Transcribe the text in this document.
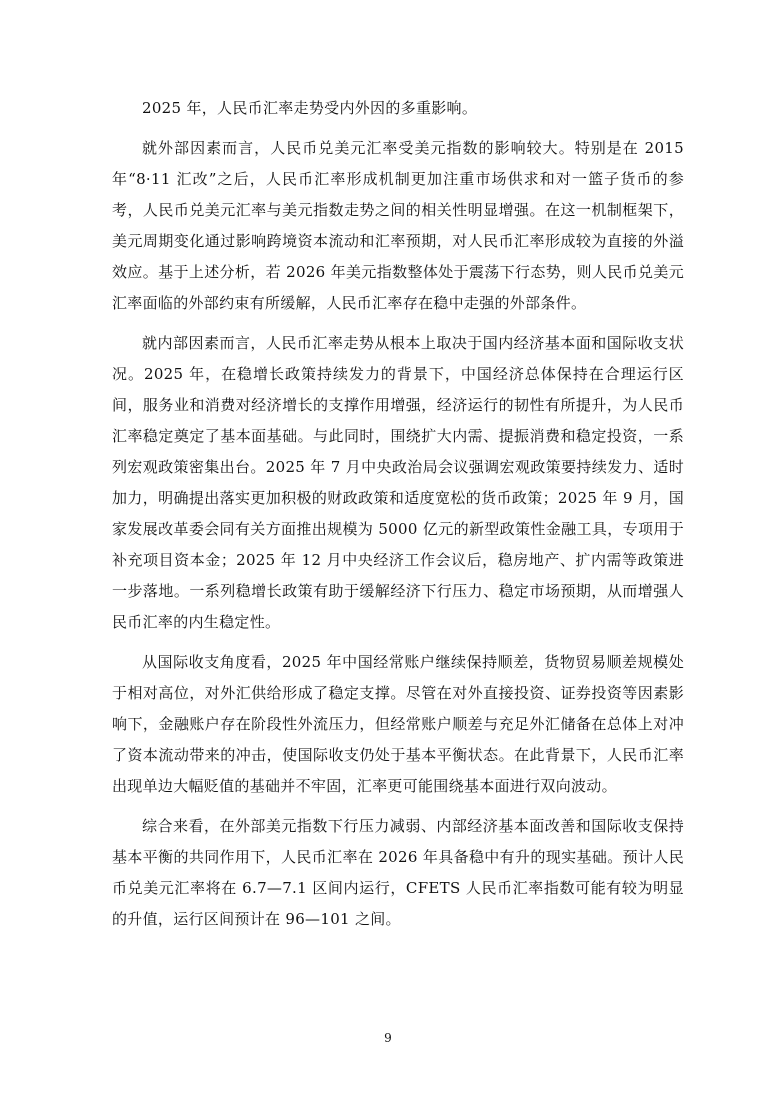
2025 年，人民币汇率走势受内外因的多重影响。

就外部因素而言，人民币兑美元汇率受美元指数的影响较大。特别是在 2015 年“8·11 汇改”之后，人民币汇率形成机制更加注重市场供求和对一篮子货币的参考，人民币兑美元汇率与美元指数走势之间的相关性明显增强。在这一机制框架下，美元周期变化通过影响跨境资本流动和汇率预期，对人民币汇率形成较为直接的外溢效应。基于上述分析，若 2026 年美元指数整体处于震荡下行态势，则人民币兑美元汇率面临的外部约束有所缓解，人民币汇率存在稳中走强的外部条件。

就内部因素而言，人民币汇率走势从根本上取决于国内经济基本面和国际收支状况。2025 年，在稳增长政策持续发力的背景下，中国经济总体保持在合理运行区间，服务业和消费对经济增长的支撑作用增强，经济运行的韧性有所提升，为人民币汇率稳定奠定了基本面基础。与此同时，围绕扩大内需、提振消费和稳定投资，一系列宏观政策密集出台。2025 年 7 月中央政治局会议强调宏观政策要持续发力、适时加力，明确提出落实更加积极的财政政策和适度宽松的货币政策；2025 年 9 月，国家发展改革委会同有关方面推出规模为 5000 亿元的新型政策性金融工具，专项用于补充项目资本金；2025 年 12 月中央经济工作会议后，稳房地产、扩内需等政策进一步落地。一系列稳增长政策有助于缓解经济下行压力、稳定市场预期，从而增强人民币汇率的内生稳定性。

从国际收支角度看，2025 年中国经常账户继续保持顺差，货物贸易顺差规模处于相对高位，对外汇供给形成了稳定支撑。尽管在对外直接投资、证券投资等因素影响下，金融账户存在阶段性外流压力，但经常账户顺差与充足外汇储备在总体上对冲了资本流动带来的冲击，使国际收支仍处于基本平衡状态。在此背景下，人民币汇率出现单边大幅贬值的基础并不牢固，汇率更可能围绕基本面进行双向波动。

综合来看，在外部美元指数下行压力减弱、内部经济基本面改善和国际收支保持基本平衡的共同作用下，人民币汇率在 2026 年具备稳中有升的现实基础。预计人民币兑美元汇率将在 6.7—7.1 区间内运行，CFETS 人民币汇率指数可能有较为明显的升值，运行区间预计在 96—101 之间。

9
